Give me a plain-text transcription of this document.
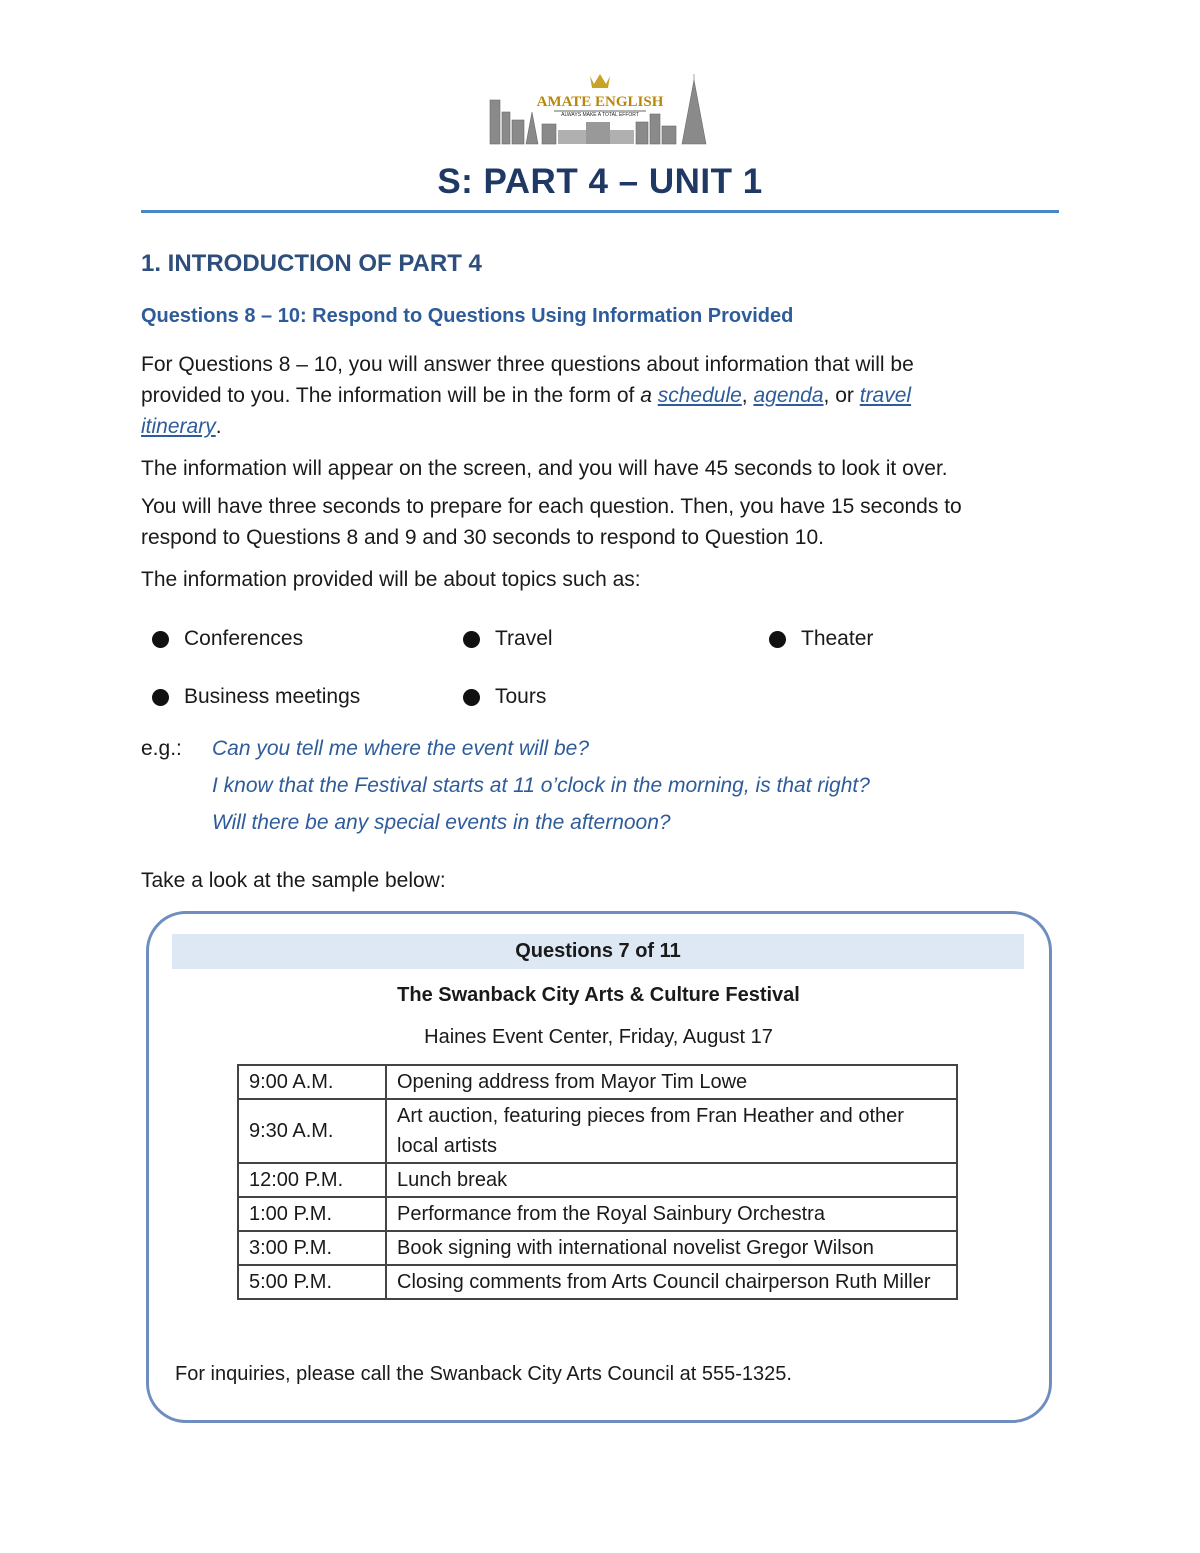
AMATE ENGLISH
ALWAYS MAKE A TOTAL EFFORT
S: PART 4 – UNIT 1
1. INTRODUCTION OF PART 4
Questions 8 – 10: Respond to Questions Using Information Provided
For Questions 8 – 10, you will answer three questions about information that will be
provided to you. The information will be in the form of a schedule, agenda, or travel
itinerary.
The information will appear on the screen, and you will have 45 seconds to look it over.
You will have three seconds to prepare for each question. Then, you have 15 seconds to
respond to Questions 8 and 9 and 30 seconds to respond to Question 10.
The information provided will be about topics such as:
Conferences	Travel	Theater
Business meetings	Tours
e.g.: Can you tell me where the event will be?
I know that the Festival starts at 11 o’clock in the morning, is that right?
Will there be any special events in the afternoon?
Take a look at the sample below:
Questions 7 of 11
The Swanback City Arts & Culture Festival
Haines Event Center, Friday, August 17
9:00 A.M.	Opening address from Mayor Tim Lowe
9:30 A.M.	Art auction, featuring pieces from Fran Heather and other local artists
12:00 P.M.	Lunch break
1:00 P.M.	Performance from the Royal Sainbury Orchestra
3:00 P.M.	Book signing with international novelist Gregor Wilson
5:00 P.M.	Closing comments from Arts Council chairperson Ruth Miller
For inquiries, please call the Swanback City Arts Council at 555-1325.
